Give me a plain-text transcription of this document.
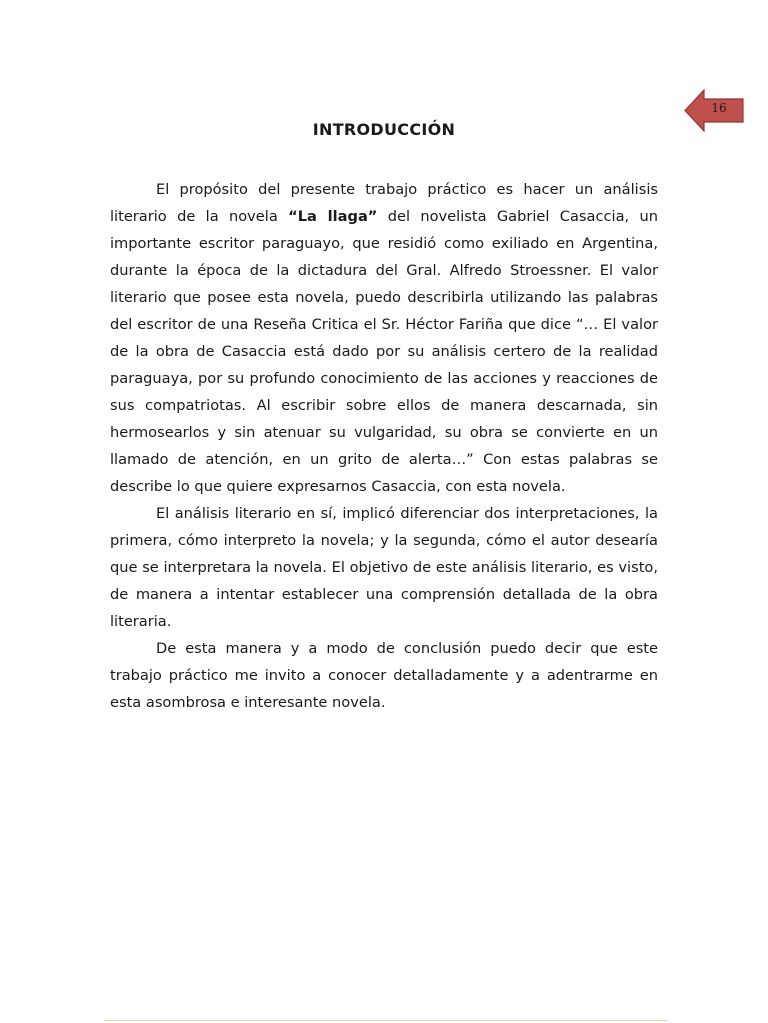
16
INTRODUCCIÓN

El propósito del presente trabajo práctico es hacer un análisis literario de la novela “La llaga” del novelista Gabriel Casaccia, un importante escritor paraguayo, que residió como exiliado en Argentina, durante la época de la dictadura del Gral. Alfredo Stroessner. El valor literario que posee esta novela, puedo describirla utilizando las palabras del escritor de una Reseña Critica el Sr. Héctor Fariña que dice “… El valor de la obra de Casaccia está dado por su análisis certero de la realidad paraguaya, por su profundo conocimiento de las acciones y reacciones de sus compatriotas. Al escribir sobre ellos de manera descarnada, sin hermosearlos y sin atenuar su vulgaridad, su obra se convierte en un llamado de atención, en un grito de alerta…” Con estas palabras se describe lo que quiere expresarnos Casaccia, con esta novela.

El análisis literario en sí, implicó diferenciar dos interpretaciones, la primera, cómo interpreto la novela; y la segunda, cómo el autor desearía que se interpretara la novela. El objetivo de este análisis literario, es visto, de manera a intentar establecer una comprensión detallada de la obra literaria.

De esta manera y a modo de conclusión puedo decir que este trabajo práctico me invito a conocer detalladamente y a adentrarme en esta asombrosa e interesante novela.
